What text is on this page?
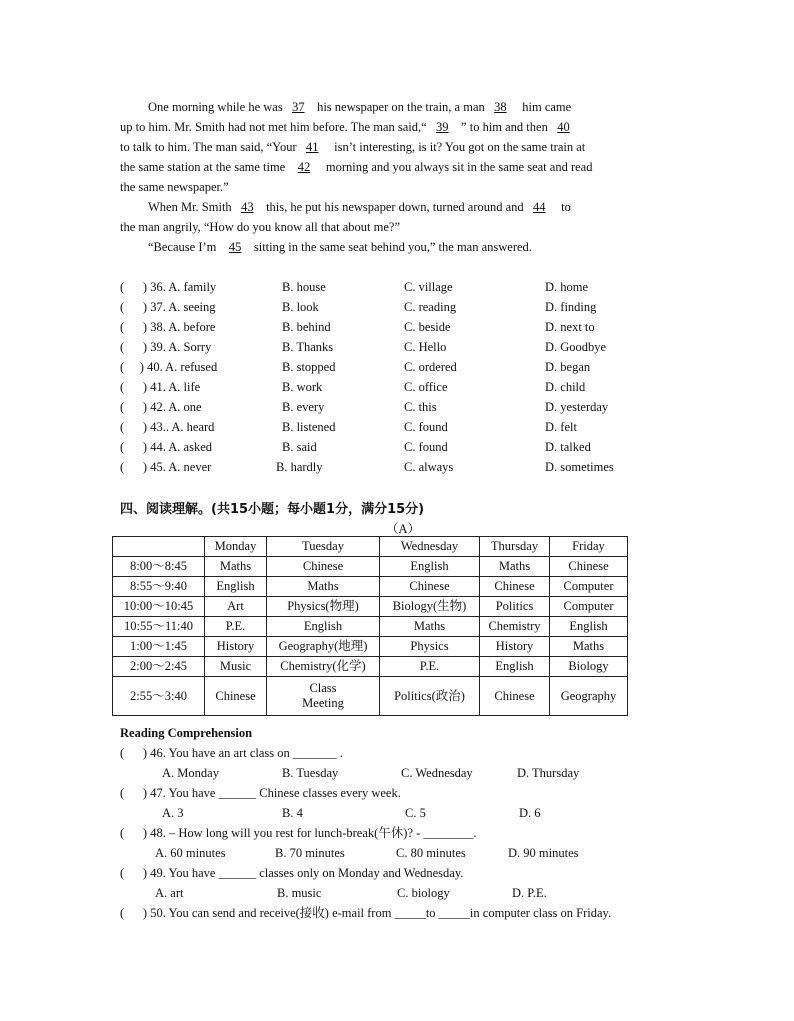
One morning while he was   37    his newspaper on the train, a man   38     him came
up to him. Mr. Smith had not met him before. The man said,“   39 ” to him and then   40
to talk to him. The man said, “Your   41     isn’t interesting, is it? You got on the same train at
the same station at the same time    42     morning and you always sit in the same seat and read
the same newspaper.”
When Mr. Smith   43 this, he put his newspaper down, turned around and   44     to
the man angrily, “How do you know all that about me?”
“Because I’m    45 sitting in the same seat behind you,” the man answered.
(      ) 36. A. family	B. house	C. village	D. home
(      ) 37. A. seeing	B. look	C. reading	D. finding
(      ) 38. A. before	B. behind	C. beside	D. next to
(      ) 39. A. Sorry	B. Thanks	C. Hello	D. Goodbye
(     ) 40. A. refused	B. stopped	C. ordered	D. began
(      ) 41. A. life	B. work	C. office	D. child
(      ) 42. A. one	B. every	C. this	D. yesterday
(      ) 43.. A. heard	B. listened	C. found	D. felt
(      ) 44. A. asked	B. said	C. found	D. talked
(      ) 45. A. never	B. hardly	C. always	D. sometimes
四、阅读理解。(共15小题；每小题1分，满分15分)
（A）
	Monday	Tuesday	Wednesday	Thursday	Friday
8:00～8:45	Maths	Chinese	English	Maths	Chinese
8:55～9:40	English	Maths	Chinese	Chinese	Computer
10:00～10:45	Art	Physics(物理)	Biology(生物)	Politics	Computer
10:55～11:40	P.E.	English	Maths	Chemistry	English
1:00～1:45	History	Geography(地理)	Physics	History	Maths
2:00～2:45	Music	Chemistry(化学)	P.E.	English	Biology
2:55～3:40	Chinese	Class Meeting	Politics(政治)	Chinese	Geography
Reading Comprehension
(      ) 46. You have an art class on _______ .
A. Monday	B. Tuesday	C. Wednesday	D. Thursday
(      ) 47. You have ______ Chinese classes every week.
A. 3	B. 4	C. 5	D. 6
(      ) 48. – How long will you rest for lunch-break(午休)? - ________.
A. 60 minutes	B. 70 minutes	C. 80 minutes	D. 90 minutes
(      ) 49. You have ______ classes only on Monday and Wednesday.
A. art	B. music	C. biology	D. P.E.
(      ) 50. You can send and receive(接收) e-mail from _____to _____in computer class on Friday.
